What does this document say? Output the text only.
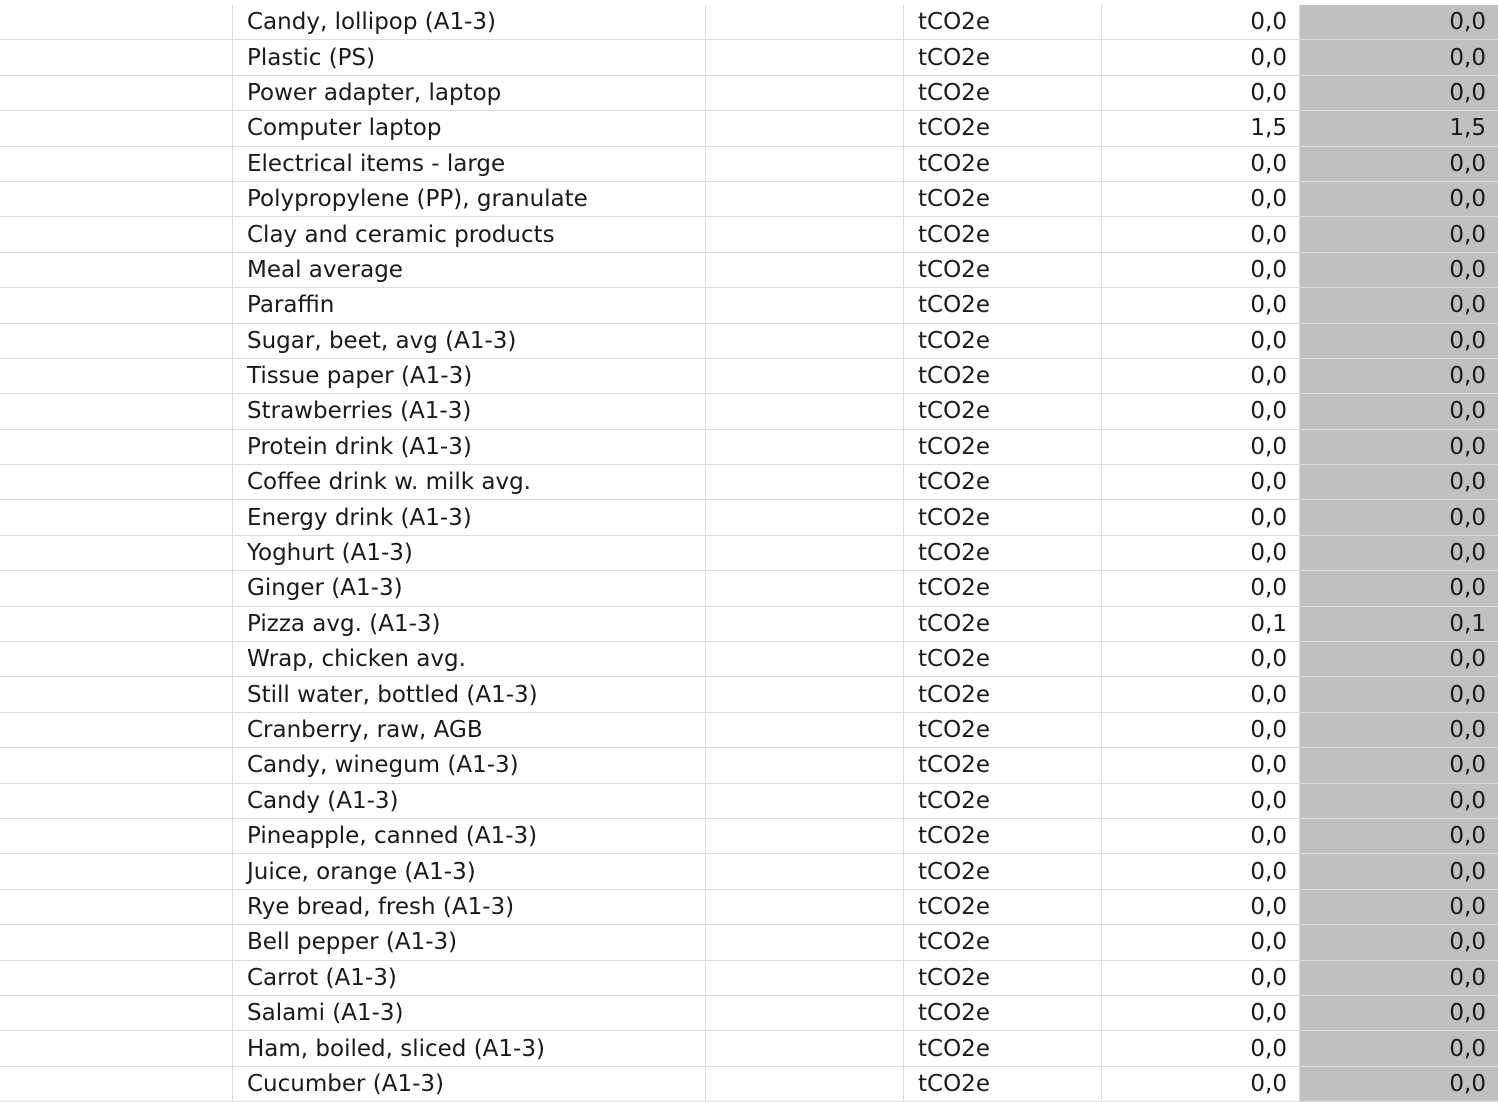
Candy, lollipop (A1-3)	tCO2e	0,0	0,0
Plastic (PS)	tCO2e	0,0	0,0
Power adapter, laptop	tCO2e	0,0	0,0
Computer laptop	tCO2e	1,5	1,5
Electrical items - large	tCO2e	0,0	0,0
Polypropylene (PP), granulate	tCO2e	0,0	0,0
Clay and ceramic products	tCO2e	0,0	0,0
Meal average	tCO2e	0,0	0,0
Paraffin	tCO2e	0,0	0,0
Sugar, beet, avg (A1-3)	tCO2e	0,0	0,0
Tissue paper (A1-3)	tCO2e	0,0	0,0
Strawberries (A1-3)	tCO2e	0,0	0,0
Protein drink (A1-3)	tCO2e	0,0	0,0
Coffee drink w. milk avg.	tCO2e	0,0	0,0
Energy drink (A1-3)	tCO2e	0,0	0,0
Yoghurt (A1-3)	tCO2e	0,0	0,0
Ginger (A1-3)	tCO2e	0,0	0,0
Pizza avg. (A1-3)	tCO2e	0,1	0,1
Wrap, chicken avg.	tCO2e	0,0	0,0
Still water, bottled (A1-3)	tCO2e	0,0	0,0
Cranberry, raw, AGB	tCO2e	0,0	0,0
Candy, winegum (A1-3)	tCO2e	0,0	0,0
Candy (A1-3)	tCO2e	0,0	0,0
Pineapple, canned (A1-3)	tCO2e	0,0	0,0
Juice, orange (A1-3)	tCO2e	0,0	0,0
Rye bread, fresh (A1-3)	tCO2e	0,0	0,0
Bell pepper (A1-3)	tCO2e	0,0	0,0
Carrot (A1-3)	tCO2e	0,0	0,0
Salami (A1-3)	tCO2e	0,0	0,0
Ham, boiled, sliced (A1-3)	tCO2e	0,0	0,0
Cucumber (A1-3)	tCO2e	0,0	0,0
